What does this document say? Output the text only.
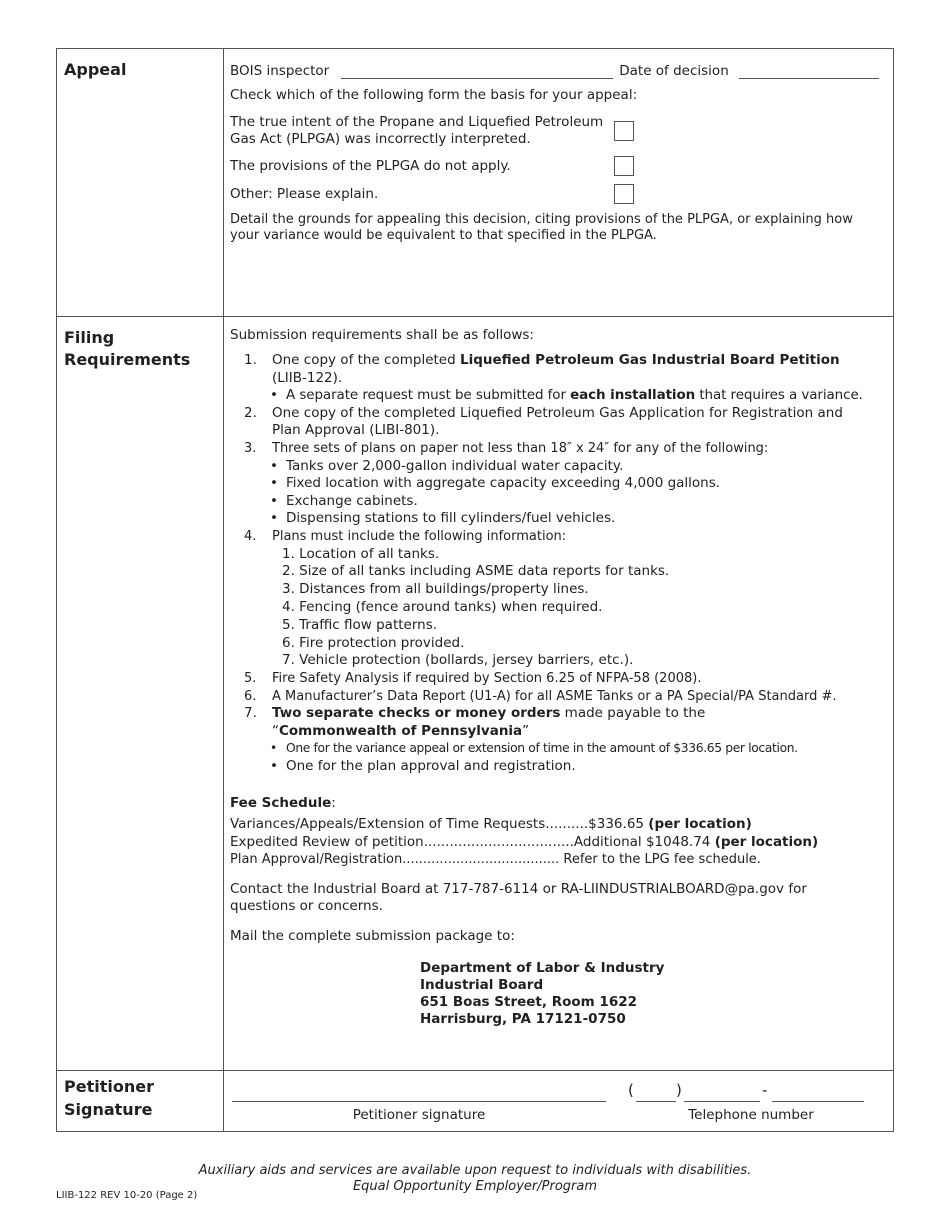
Appeal	BOIS inspector	Date of decision
Check which of the following form the basis for your appeal:
The true intent of the Propane and Liquefied Petroleum
Gas Act (PLPGA) was incorrectly interpreted.
The provisions of the PLPGA do not apply.
Other: Please explain.
Detail the grounds for appealing this decision, citing provisions of the PLPGA, or explaining how
your variance would be equivalent to that specified in the PLPGA.
Filing
Requirements
Submission requirements shall be as follows:
1. One copy of the completed Liquefied Petroleum Gas Industrial Board Petition
(LIIB-122).
• A separate request must be submitted for each installation that requires a variance.
2. One copy of the completed Liquefied Petroleum Gas Application for Registration and
Plan Approval (LIBI-801).
3. Three sets of plans on paper not less than 18″ x 24″ for any of the following:
• Tanks over 2,000-gallon individual water capacity.
• Fixed location with aggregate capacity exceeding 4,000 gallons.
• Exchange cabinets.
• Dispensing stations to fill cylinders/fuel vehicles.
4. Plans must include the following information:
1. Location of all tanks.
2. Size of all tanks including ASME data reports for tanks.
3. Distances from all buildings/property lines.
4. Fencing (fence around tanks) when required.
5. Traffic flow patterns.
6. Fire protection provided.
7. Vehicle protection (bollards, jersey barriers, etc.).
5. Fire Safety Analysis if required by Section 6.25 of NFPA-58 (2008).
6. A Manufacturer’s Data Report (U1-A) for all ASME Tanks or a PA Special/PA Standard #.
7. Two separate checks or money orders made payable to the
“Commonwealth of Pennsylvania”
• One for the variance appeal or extension of time in the amount of $336.65 per location.
• One for the plan approval and registration.
Fee Schedule:
Variances/Appeals/Extension of Time Requests..........$336.65 (per location)
Expedited Review of petition...................................Additional $1048.74 (per location)
Plan Approval/Registration...................................... Refer to the LPG fee schedule.
Contact the Industrial Board at 717-787-6114 or RA-LIINDUSTRIALBOARD@pa.gov for
questions or concerns.
Mail the complete submission package to:
Department of Labor & Industry
Industrial Board
651 Boas Street, Room 1622
Harrisburg, PA 17121-0750
Petitioner
Signature	Petitioner signature
(	)	-
Telephone number
Auxiliary aids and services are available upon request to individuals with disabilities.
Equal Opportunity Employer/Program
LIIB-122 REV 10-20 (Page 2)
